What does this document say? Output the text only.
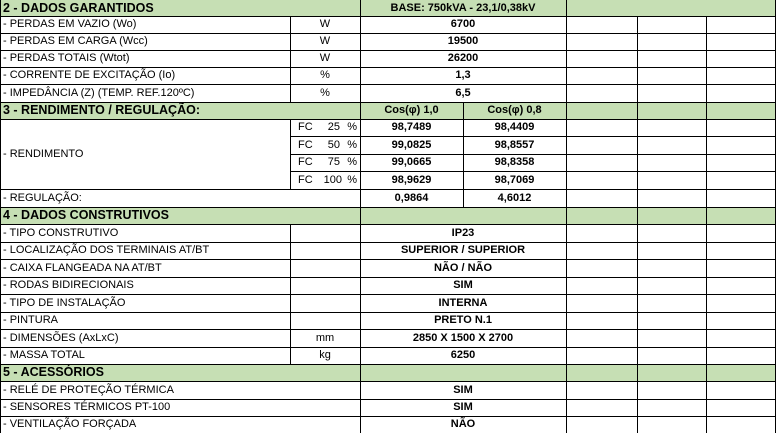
2 - DADOS GARANTIDOS	BASE: 750kVA - 23,1/0,38kV
- PERDAS EM VAZIO (Wo)	W	6700
- PERDAS EM CARGA (Wcc)	W	19500
- PERDAS TOTAIS (Wtot)	W	26200
- CORRENTE DE EXCITAÇÃO (Io)	%	1,3
- IMPEDÂNCIA (Z) (TEMP. REF.120ºC)	%	6,5
3 - RENDIMENTO / REGULAÇÃO:	Cos(φ) 1,0	Cos(φ) 0,8
- RENDIMENTO
FC 25 %	98,7489	98,4409
FC 50 %	99,0825	98,8557
FC 75 %	99,0665	98,8358
FC 100 %	98,9629	98,7069
- REGULAÇÃO:	0,9864	4,6012
4 - DADOS CONSTRUTIVOS
- TIPO CONSTRUTIVO	IP23
- LOCALIZAÇÃO DOS TERMINAIS AT/BT	SUPERIOR / SUPERIOR
- CAIXA FLANGEADA NA AT/BT	NÃO / NÃO
- RODAS BIDIRECIONAIS	SIM
- TIPO DE INSTALAÇÃO	INTERNA
- PINTURA	PRETO N.1
- DIMENSÕES (AxLxC)	mm	2850 X 1500 X 2700
- MASSA TOTAL	kg	6250
5 - ACESSÓRIOS
- RELÉ DE PROTEÇÃO TÉRMICA	SIM
- SENSORES TÉRMICOS PT-100	SIM
- VENTILAÇÃO FORÇADA	NÃO
